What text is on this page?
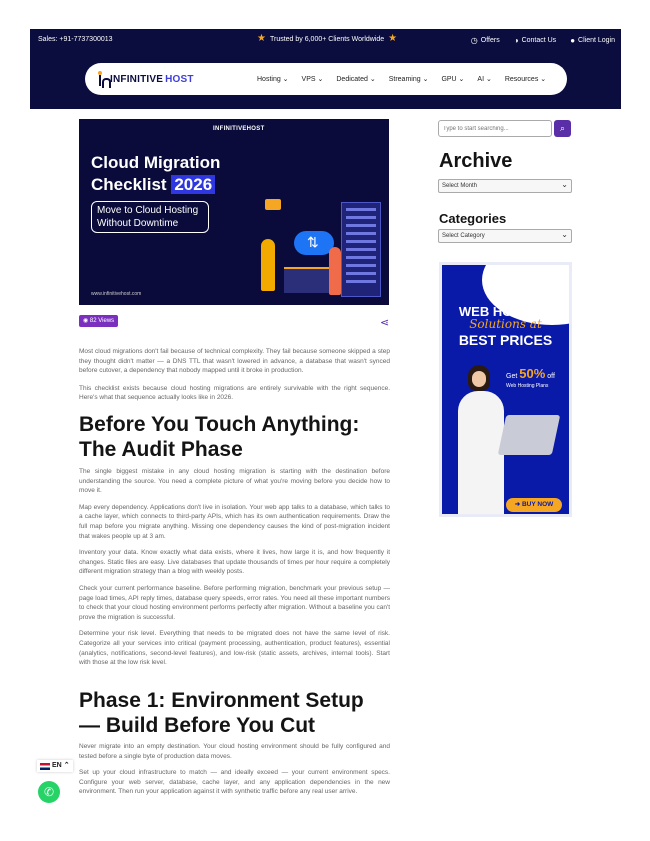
Sales: +91-7737300013	★ Trusted by 6,000+ Clients Worldwide ★	◷ Offers ◑ Contact Us ● Client Login
INFINITIVE HOST	Hosting ⌄	VPS ⌄	Dedicated ⌄	Streaming ⌄	GPU ⌄	AI ⌄	Resources ⌄
INFINITIVEHOST
Cloud Migration
Checklist 2026
Move to Cloud Hosting Without Downtime
⇅
www.infinitivehost.com
◉ 82 Views	⋖

Most cloud migrations don't fail because of technical complexity. They fail because someone skipped a step they thought didn't matter — a DNS TTL that wasn't lowered in advance, a database that wasn't synced before cutover, a dependency that nobody mapped until it broke in production.

This checklist exists because cloud hosting migrations are entirely survivable with the right sequence. Here's what that sequence actually looks like in 2026.

Before You Touch Anything: The Audit Phase

The single biggest mistake in any cloud hosting migration is starting with the destination before understanding the source. You need a complete picture of what you're moving before you decide how to move it.

Map every dependency. Applications don't live in isolation. Your web app talks to a database, which talks to a cache layer, which connects to third-party APIs, which has its own authentication requirements. Draw the full map before you migrate anything. Missing one dependency causes the kind of post-migration incident that wakes people up at 3 am.

Inventory your data. Know exactly what data exists, where it lives, how large it is, and how frequently it changes. Static files are easy. Live databases that update thousands of times per hour require a completely different migration strategy than a blog with weekly posts.

Check your current performance baseline. Before performing migration, benchmark your previous setup — page load times, API reply times, database query speeds, error rates. You need all these important numbers to check that your cloud hosting environment performs perfectly after migration. Without a baseline you can't prove the migration is successful.

Determine your risk level. Everything that needs to be migrated does not have the same level of risk. Categorize all your services into critical (payment processing, authentication, product features), essential (analytics, notifications, second-level features), and low-risk (static assets, archives, internal tools). Start with those at the low risk level.

Phase 1: Environment Setup — Build Before You Cut

Never migrate into an empty destination. Your cloud hosting environment should be fully configured and tested before a single byte of production data moves.

Set up your cloud infrastructure to match — and ideally exceed — your current environment specs. Configure your web server, database, cache layer, and any application dependencies in the new environment. Then run your application against it with synthetic traffic before any real user arrive.

Type to start searching...
⌕
Archive
Select Month ⌄
Categories
Select Category ⌄
WEB HOSTING
Solutions at
BEST PRICES
Get 50% off
Web Hosting Plans
➜ BUY NOW
EN ⌃
✆
